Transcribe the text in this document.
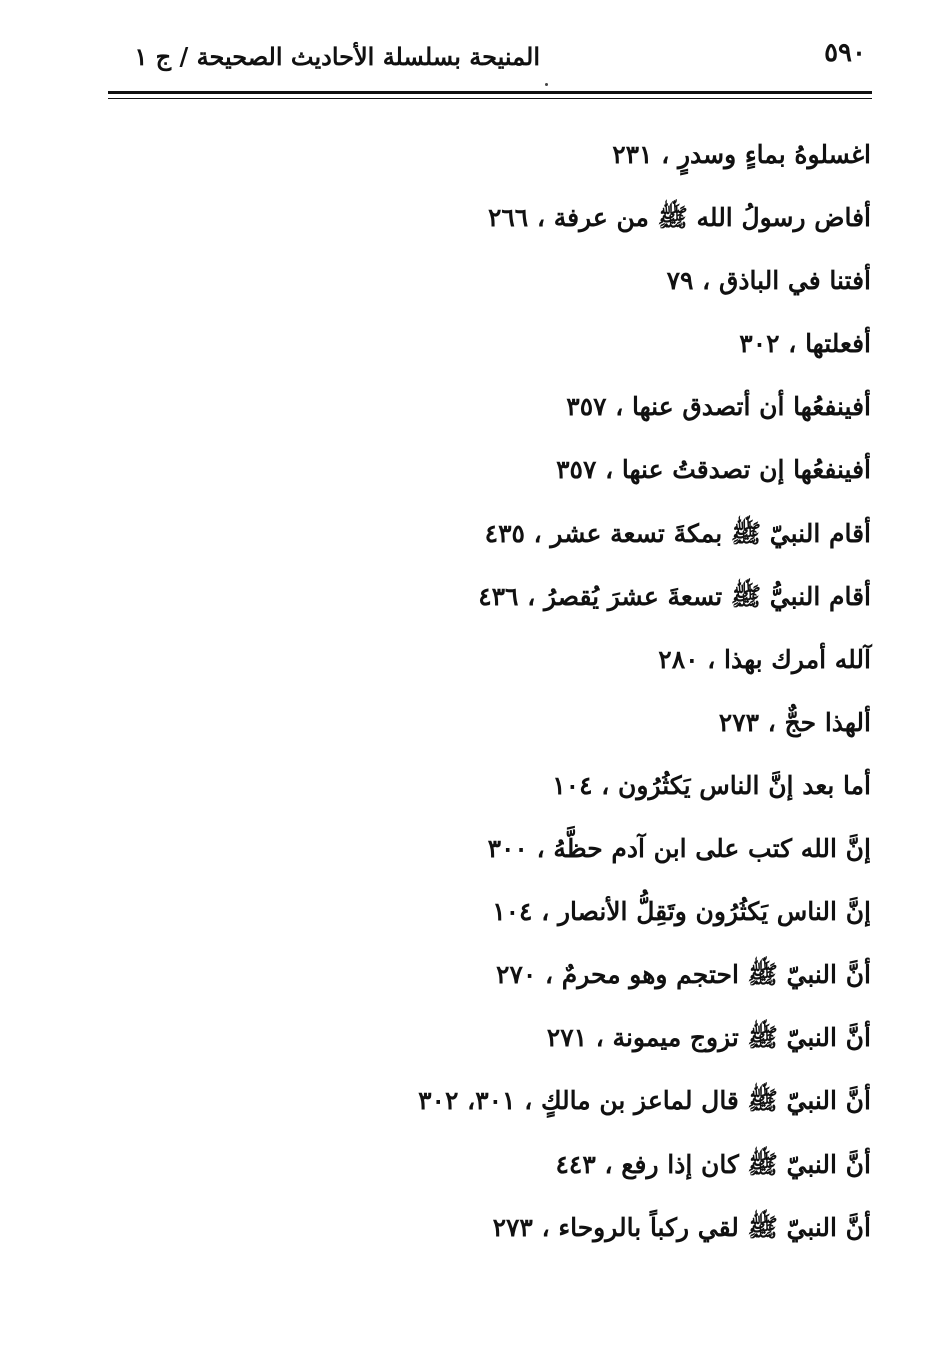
٥٩٠
المنيحة بسلسلة الأحاديث الصحيحة / ج ١
اغسلوهُ بماءٍ وسدرٍ ، ٢٣١
أفاض رسولُ الله ﷺ من عرفة ، ٢٦٦
أفتنا في الباذق ، ٧٩
أفعلتها ، ٣٠٢
أفينفعُها أن أتصدق عنها ، ٣٥٧
أفينفعُها إن تصدقتُ عنها ، ٣٥٧
أقام النبيّ ﷺ بمكةَ تسعة عشر ، ٤٣٥
أقام النبيُّ ﷺ تسعةَ عشرَ يُقصرُ ، ٤٣٦
آلله أمرك بهذا ، ٢٨٠
ألهذا حجٌّ ، ٢٧٣
أما بعد إنَّ الناس يَكثُرُون ، ١٠٤
إنَّ الله كتب على ابن آدم حظَّهُ ، ٣٠٠
إنَّ الناس يَكثُرُون وتَقِلُّ الأنصار ، ١٠٤
أنَّ النبيّ ﷺ احتجم وهو محرمٌ ، ٢٧٠
أنَّ النبيّ ﷺ تزوج ميمونة ، ٢٧١
أنَّ النبيّ ﷺ قال لماعز بن مالكٍ ، ٣٠١، ٣٠٢
أنَّ النبيّ ﷺ كان إذا رفع ، ٤٤٣
أنَّ النبيّ ﷺ لقي ركباً بالروحاء ، ٢٧٣
